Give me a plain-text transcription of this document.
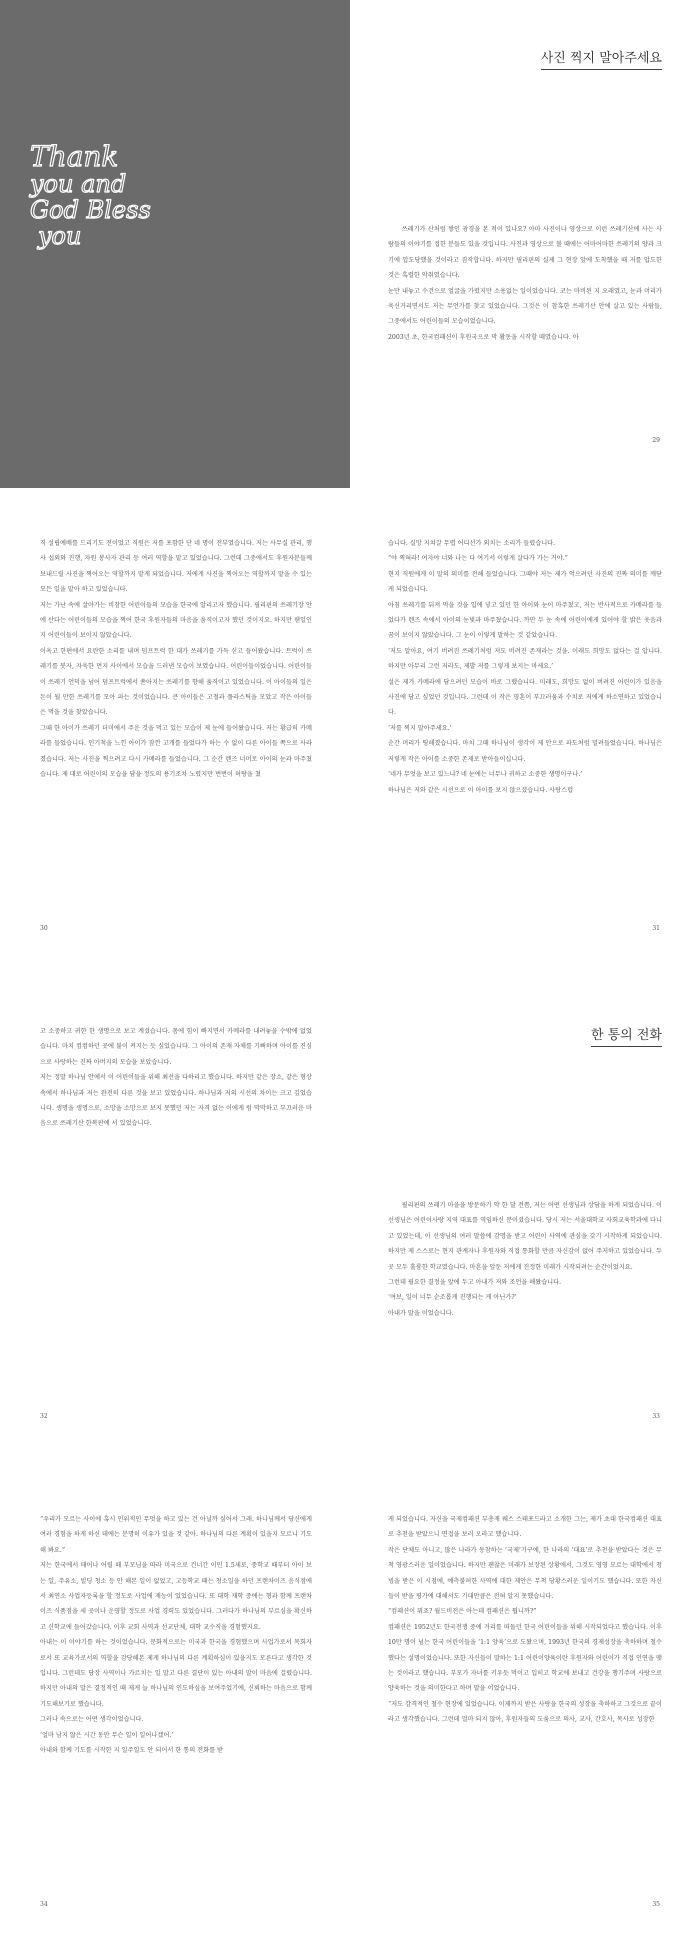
Thank
you and
God Bless
you
사진 찍지 말아주세요

쓰레기가 산처럼 쌓인 광경을 본 적이 있나요? 아마 사진이나 영상으로 이런 쓰레기산에 사는 사람들의 이야기를 접한 분들도 있을 것입니다. 사진과 영상으로 볼 때에는 어마어마한 쓰레기의 양과 크기에 압도당했을 것이라고 짐작합니다. 하지만 필리핀의 실제 그 현장 앞에 도착했을 때 저를 압도한 것은 혹렬한 악취였습니다.

눈만 내놓고 수건으로 얼굴을 가렸지만 소용없는 일이었습니다. 코는 마비된 지 오래였고, 눈과 머리가 욱신거리면서도 저는 무언가를 찾고 있었습니다. 그것은 이 참혹한 쓰레기산 안에 살고 있는 사람들, 그중에서도 어린이들의 모습이었습니다.

2003년 초, 한국컴패션이 후원국으로 막 활동을 시작할 때였습니다. 아

29

직 설립예배를 드리기도 전이었고 직원은 저를 포함한 단 네 명이 전부였습니다. 저는 사무실 관리, 행사 섭외와 진행, 자원 봉사자 관리 등 여러 역할을 맡고 있었습니다. 그런데 그중에서도 후원자분들께 보내드릴 사진을 찍어오는 역할까지 맡게 되었습니다. 저에게 사진을 찍어오는 역할까지 맡을 수 있는 모든 일을 맡아 하고 있었습니다.

저는 가난 속에 살아가는 비참한 어린이들의 모습을 한국에 알리고자 했습니다. 필리핀의 쓰레기장 안에 산다는 어린이들의 모습을 찍어 한국 후원자들의 마음을 움직이고자 했던 것이지요. 하지만 웬일인지 어린이들이 보이지 않았습니다.

이옥고 한편에서 요란한 소리를 내며 덤프트럭 한 대가 쓰레기를 가득 싣고 들어왔습니다. 트럭이 쓰레기를 붓자, 자욱한 먼지 사이에서 모습을 드러낸 모습이 보였습니다. 어린이들이었습니다. 어린이들이 쓰레기 언덕을 넘어 덤프트럭에서 쏟아지는 쓰레기를 향해 움직이고 있었습니다. 이 아이들의 일은 돈이 될 만한 쓰레기를 모아 파는 것이었습니다. 큰 아이들은 고철과 플라스틱을 모았고 작은 아이들은 먹을 것을 찾았습니다.

그때 한 아이가 쓰레기 더미에서 주운 것을 먹고 있는 모습이 제 눈에 들어왔습니다. 저는 황급히 카메라를 들었습니다. 인기척을 느낀 아이가 잠깐 고개를 들었다가 하는 수 없이 다른 아이들 쪽으로 사라졌습니다. 저는 사진을 찍으려고 다시 카메라를 들었습니다. 그 순간 렌즈 너머로 아이의 눈과 마주쳤습니다. 제 대로 어린이의 모습을 담을 정도의 용기조차 노렸지만 번번이 허탕을 쳤

30

습니다. 실망 지쳐갈 무렵 어디선가 외치는 소리가 들렸습니다.

“야 찍혀라! 여자야 너와 나는 다 여기서 이렇게 살다가 가는 거야.”

현지 직원에게 이 말의 의미를 전해 들었습니다. 그때야 저는 제가 억으려던 사진의 진짜 의미를 깨닫게 되었습니다.

아침 쓰레기를 뒤져 먹을 것을 입에 넣고 있던 한 아이와 눈이 마주쳤고, 저는 반사적으로 카메라를 들었다가 렌즈 속에서 아이의 눈빛과 마주쳤습니다. 까만 두 눈 속에 어린이에게 있어야 할 밝은 웃음과 꿈이 보이지 않았습니다. 그 눈이 이렇게 말하는 것 같았습니다.

‘저도 알아요, 여기 버려진 쓰레기처럼 저도 버려진 존재라는 것을. 이래도 희망도 없다는 걸 압니다. 하지만 아무리 그런 저라도, 제발 저를 그렇게 보지는 마세요.’

설은 제가 카메라에 담으려던 모습이 바로 그랬습니다. 미래도, 희망도 없이 버려진 어린이가 있음을 사진에 담고 싶었던 것입니다. 그런데 이 작은 영혼이 부끄러움과 수치로 저에게 하소연하고 있었습니다.

‘저를 찍지 말아주세요.’

순간 머리가 띵해졌습니다. 마치 그때 하나님이 생각이 제 안으로 파도처럼 밀려들었습니다. 하나님은 저렇게 작은 아이를 소중한 존재로 받아들이십니다.

‘네가 무엇을 보고 있느냐? 네 눈에는 너무나 귀하고 소중한 생명이구나.’

하나님은 저와 같은 시선으로 이 아이를 보지 않으셨습니다. 사랑스럽

31

고 소중하고 귀한 한 생명으로 보고 계셨습니다. 몸에 힘이 빠지면서 카메라를 내려놓을 수밖에 없었습니다. 마치 컴컴하던 곳에 불이 켜지는 듯 싶었습니다. 그 아이의 존재 자체를 기뻐하며 아이를 진심으로 사랑하는 진짜 아버지의 모습을 보았습니다.

저는 정말 하나님 안에서 이 어린이들을 위해 최선을 다하리고 했습니다. 하지만 같은 장소, 같은 형상 속에서 하나님과 저는 완전히 다른 것을 보고 있었습니다. 하나님과 저의 시선의 차이는 크고 깊었습니다. 생명을 생명으로, 소망을 소망으로 보지 못했던 저는 자격 없는 이에게 럼 막막하고 부끄러운 마음으로 쓰레기산 한복판에 서 있었습니다.

32
한 통의 전화

필리핀의 쓰레기 마을을 방문하기 약 한 달 전쯤, 저는 어떤 선생님과 상담을 하게 되었습니다. 이 선생님은 어린이사랑 지역 대표를 역임하신 분이셨습니다. 당시 저는 서울대학교 사회교육학과에 다니고 있었는데, 이 선생님의 여러 말씀에 감명을 받고 어린이 사역에 관심을 갖기 시작하게 되었습니다. 하지만 제 스스로는 현지 관계자나 후원자와 직접 통화할 만큼 자신감이 없어 주저하고 있었습니다. 두 곳 모두 훌륭한 학교였습니다. 마흔을 앞둔 저에게 진정한 미래가 시작되려는 순간이었지요.

그런데 필요한 결정을 앞에 두고 아내가 저와 조언을 해왔습니다.

‘여보, 일이 너무 순조롭게 진행되는 게 아닌가?’

아내가 말을 이었습니다.

33

“우리가 모르는 사이에 혹시 인위적인 무엇을 하고 있는 건 아닐까 싶어서 그래. 하나님께서 당신에게 여러 경험을 하게 하신 데에는 분명히 이유가 있을 것 같아. 하나님의 다른 계획이 있을지 모르니 기도해 봐요.”

저는 한국에서 태어나 어릴 때 부모님을 따라 미국으로 건너간 이민 1.5세로, 중학교 때부터 아이 보는 일, 주유소, 빌딩 청소 등 안 해본 일이 없었고, 고등학교 때는 청소일을 하던 프랜차이즈 음식점에서 최연소 사업자등록을 할 정도로 사업에 재능이 있었습니다. 또 대학 재학 중에는 형과 함께 프랜차이즈 식품점을 세 곳이나 운영할 정도로 사업 경력도 있었습니다. 그러다가 하나님의 부르심을 확신하고 신학교에 들어갔습니다. 이후 교회 사역과 선교단체, 대학 교수직을 경험했지요.

아내는 이 이야기를 하는 것이었습니다. 문화적으로는 미국과 한국을 경험했으며 사업가로서 목회자로서 또 교육가로서의 역할을 감당해본 제게 하나님의 다른 계획하심이 있을지도 모른다고 생각한 것입니다. 그런데도 당장 사역이나 가르치는 일 말고 다른 결단이 있는 아내의 말이 마음에 걸렸습니다. 하지만 아내의 말은 결정적인 때 제게 늘 하나님의 인도하심을 보여주었기에, 신뢰하는 마음으로 함께 기도해보기로 했습니다.

그러나 속으로는 어떤 생각이었습니다.

‘얼마 남지 않은 시간 동안 무슨 일이 일어나겠어.’

아내와 함께 기도를 시작한 지 일주일도 안 되어서 한 통의 전화를 받

34

게 되었습니다. 자신을 국제컴패션 부총재 웨스 스태포드라고 소개한 그는, 제가 초대 한국컴패션 대표로 추천을 받았으니 면접을 보러 오라고 했습니다.

작은 단체도 아니고, 많은 나라가 동참하는 ‘국제’기구에, 한 나라의 ‘대표’로 추천을 받았다는 것은 무척 영광스러운 일이었습니다. 하지만 괜찮은 미래가 보장된 상황에서, 그것도 영영 모르는 대학에서 청빙을 받은 이 시점에, 예측불허한 사역에 대한 제안은 무척 당황스러운 일이기도 했습니다. 또한 자신들이 받을 평가에 대해서도 기대만큼은 전혀 알지 못했습니다.

“컴패션이 뭐죠? 월드비전은 아는데 컴패션은 뭡니까?”

컴패션은 1952년도 한국전쟁 중에 거리를 떠돌던 한국 어린이들을 위해 시작되었다고 했습니다. 이후 10만 명이 넘는 한국 어린이들을 ‘1:1 양육’으로 도왔으며, 1993년 한국의 경제성장을 축하하며 철수했다는 설명이었습니다. 또한 자신들이 말하는 1:1 어린이양육이란 후원자와 어린이가 직접 인연을 맺는 것이라고 했습니다. 부모가 자녀를 키우듯 먹이고 입히고 학교에 보내고 건강을 챙기주며 사랑으로 양육하는 것을 의미한다고 하며 말을 이었습니다.

“저도 감격적인 철수 현장에 있었습니다. 이제까지 받은 사랑을 한국의 성장을 축하하고 그것으로 끝이라고 생각했습니다. 그런데 얼마 되지 않아, 후원자들의 도움으로 의사, 교사, 간호사, 목사로 성장한

35
